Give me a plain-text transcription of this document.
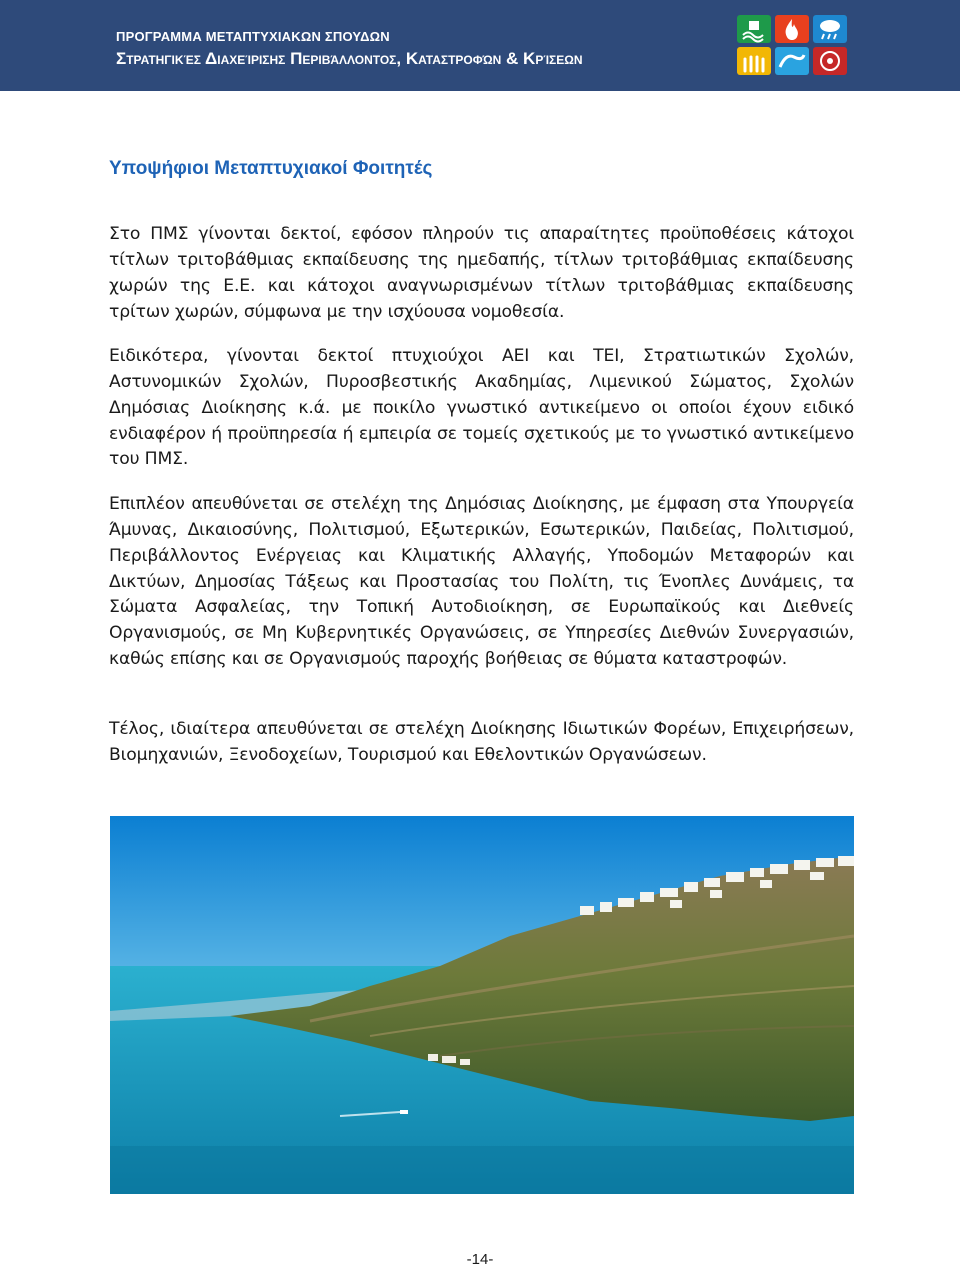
ΠΡΟΓΡΑΜΜΑ ΜΕΤΑΠΤΥΧΙΑΚΩΝ ΣΠΟΥΔΩΝ
Στρατηγικές Διαχείρισης Περιβάλλοντος, Καταστροφών & Κρίσεων
Υποψήφιοι Μεταπτυχιακοί Φοιτητές

Στο ΠΜΣ γίνονται δεκτοί, εφόσον πληρούν τις απαραίτητες προϋποθέσεις κάτοχοι τίτλων τριτοβάθμιας εκπαίδευσης της ημεδαπής, τίτλων τριτοβάθμιας εκπαίδευσης χωρών της Ε.Ε. και κάτοχοι αναγνωρισμένων τίτλων τριτοβάθμιας εκπαίδευσης τρίτων χωρών, σύμφωνα με την ισχύουσα νομοθεσία.

Ειδικότερα, γίνονται δεκτοί πτυχιούχοι ΑΕΙ και ΤΕΙ, Στρατιωτικών Σχολών, Αστυνομικών Σχολών, Πυροσβεστικής Ακαδημίας, Λιμενικού Σώματος, Σχολών Δημόσιας Διοίκησης κ.ά. με ποικίλο γνωστικό αντικείμενο οι οποίοι έχουν ειδικό ενδιαφέρον ή προϋπηρεσία ή εμπειρία σε τομείς σχετικούς με το γνωστικό αντικείμενο του ΠΜΣ.

Επιπλέον απευθύνεται σε στελέχη της Δημόσιας Διοίκησης, με έμφαση στα Υπουργεία Άμυνας, Δικαιοσύνης, Πολιτισμού, Εξωτερικών, Εσωτερικών, Παιδείας, Πολιτισμού, Περιβάλλοντος Ενέργειας και Κλιματικής Αλλαγής, Υποδομών Μεταφορών και Δικτύων, Δημοσίας Τάξεως και Προστασίας του Πολίτη, τις Ένοπλες Δυνάμεις, τα Σώματα Ασφαλείας, την Τοπική Αυτοδιοίκηση, σε Ευρωπαϊκούς και Διεθνείς Οργανισμούς, σε Μη Κυβερνητικές Οργανώσεις, σε Υπηρεσίες Διεθνών Συνεργασιών, καθώς επίσης και σε Οργανισμούς παροχής βοήθειας σε θύματα καταστροφών.

Τέλος, ιδιαίτερα απευθύνεται σε στελέχη Διοίκησης Ιδιωτικών Φορέων, Επιχειρήσεων, Βιομηχανιών, Ξενοδοχείων, Τουρισμού και Εθελοντικών Οργανώσεων.

-14-
